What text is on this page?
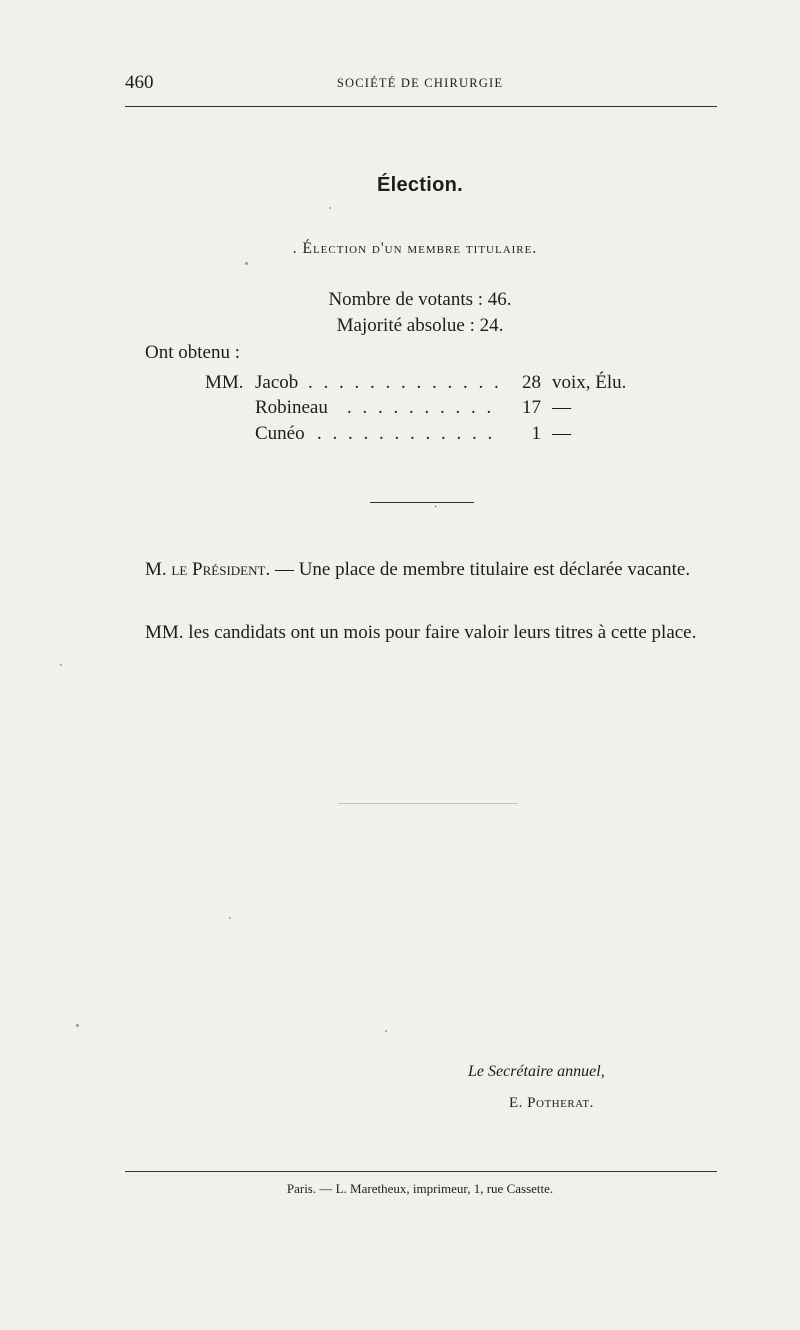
460	SOCIÉTÉ DE CHIRURGIE
Élection.
. Élection d'un membre titulaire.
Nombre de votants : 46.
Majorité absolue : 24.
Ont obtenu :
MM. Jacob . . . . . . . . . . . . . 28 voix, Élu.
Robineau . . . . . . . . . . 17 —
Cunéo . . . . . . . . . . . .	1 —
·
M. le Président. — Une place de membre titulaire est déclarée vacante.
MM. les candidats ont un mois pour faire valoir leurs titres à cette place.
Le Secrétaire annuel,
E. Potherat.
Paris. — L. Maretheux, imprimeur, 1, rue Cassette.
